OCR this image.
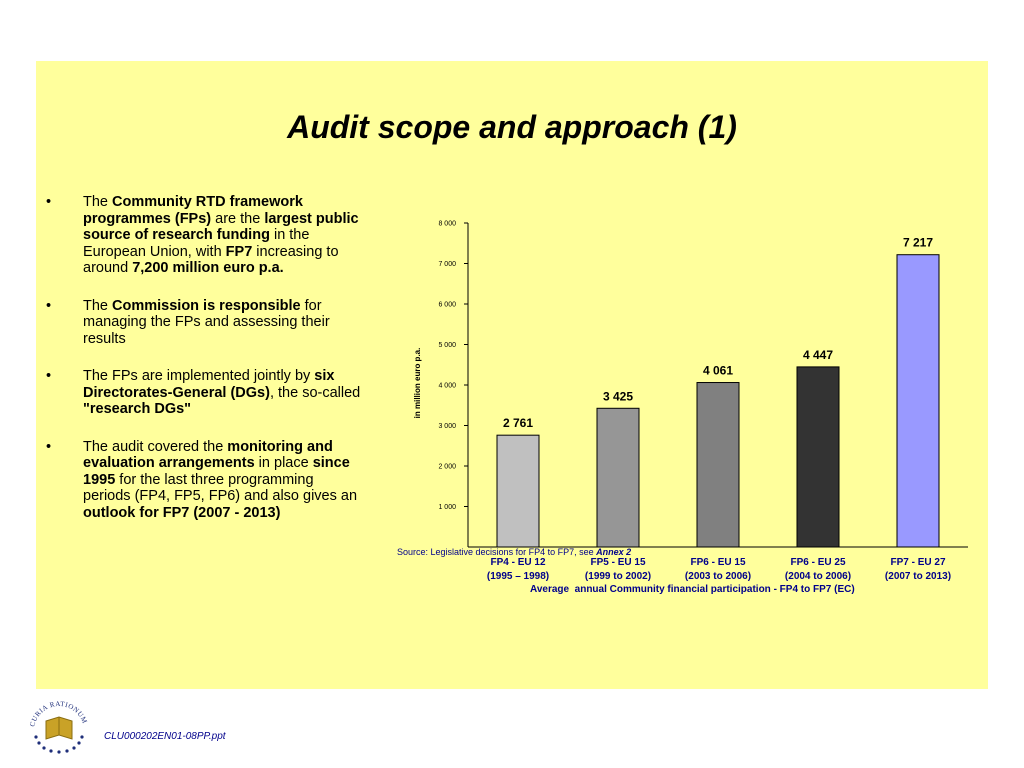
Audit scope and approach (1)
• The Community RTD framework programmes (FPs) are the largest public source of research funding in the European Union, with FP7 increasing to around 7,200 million euro p.a.
• The Commission is responsible for managing the FPs and assessing their results
• The FPs are implemented jointly by six Directorates-General (DGs), the so-called "research DGs"
• The audit covered the monitoring and evaluation arrangements in place since 1995 for the last three programming periods (FP4, FP5, FP6) and also gives an outlook for FP7 (2007 - 2013)	1 000
2 000
3 000
4 000
5 000
6 000
7 000
8 000
in million euro p.a.
2 761
FP4 - EU 12
(1995 – 1998)
3 425
FP5 - EU 15
(1999 to 2002)
4 061
FP6 - EU 15
(2003 to 2006)
4 447
FP6 - EU 25
(2004 to 2006)
7 217
FP7 - EU 27
(2007 to 2013)
Source: Legislative decisions for FP4 to FP7, see Annex 2
Average  annual Community financial participation - FP4 to FP7 (EC)
CURIA RATIONUM
CLU000202EN01-08PP.ppt
